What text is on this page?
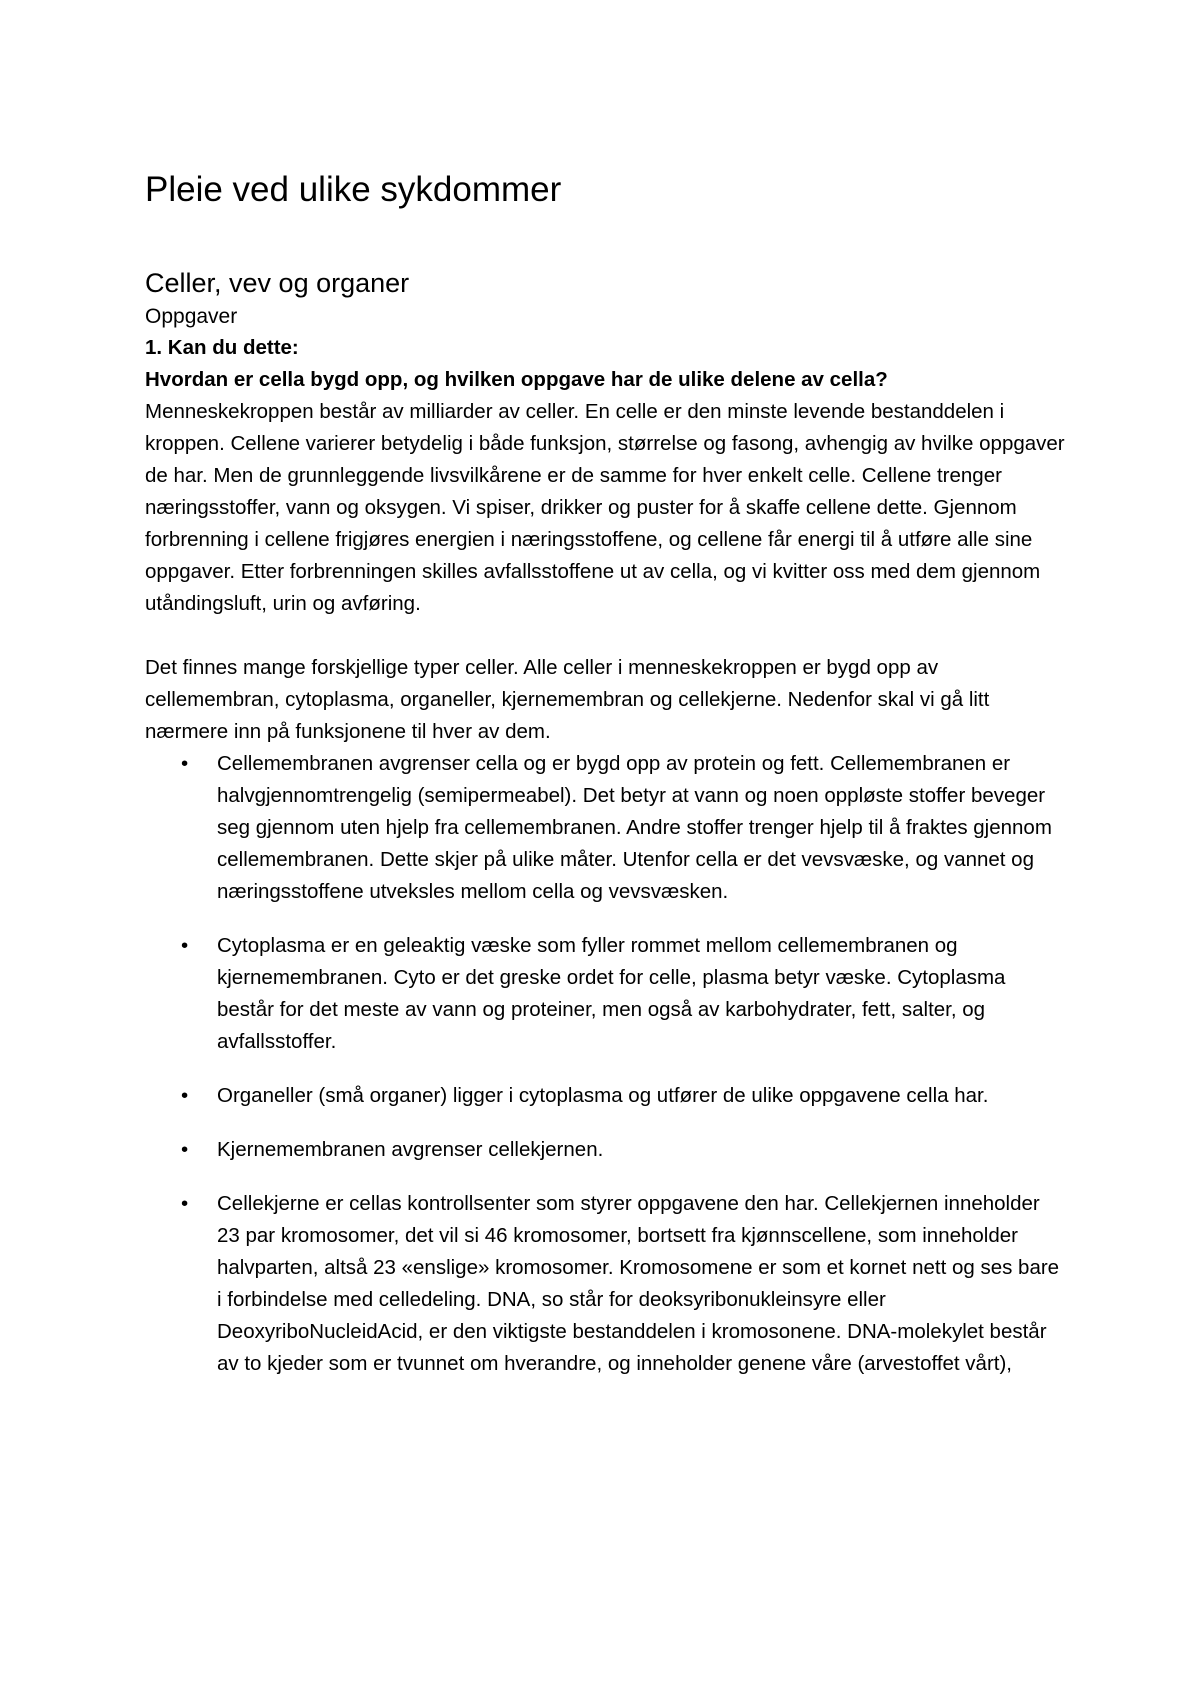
Pleie ved ulike sykdommer
Celler, vev og organer

Oppgaver

1. Kan du dette:

Hvordan er cella bygd opp, og hvilken oppgave har de ulike delene av cella?

Menneskekroppen består av milliarder av celler. En celle er den minste levende bestanddelen i kroppen. Cellene varierer betydelig i både funksjon, størrelse og fasong, avhengig av hvilke oppgaver de har. Men de grunnleggende livsvilkårene er de samme for hver enkelt celle. Cellene trenger næringsstoffer, vann og oksygen. Vi spiser, drikker og puster for å skaffe cellene dette. Gjennom forbrenning i cellene frigjøres energien i næringsstoffene, og cellene får energi til å utføre alle sine oppgaver. Etter forbrenningen skilles avfallsstoffene ut av cella, og vi kvitter oss med dem gjennom utåndingsluft, urin og avføring.

Det finnes mange forskjellige typer celler. Alle celler i menneskekroppen er bygd opp av cellemembran, cytoplasma, organeller, kjernemembran og cellekjerne. Nedenfor skal vi gå litt nærmere inn på funksjonene til hver av dem.

• Cellemembranen avgrenser cella og er bygd opp av protein og fett. Cellemembranen er halvgjennomtrengelig (semipermeabel). Det betyr at vann og noen oppløste stoffer beveger seg gjennom uten hjelp fra cellemembranen. Andre stoffer trenger hjelp til å fraktes gjennom cellemembranen. Dette skjer på ulike måter. Utenfor cella er det vevsvæske, og vannet og næringsstoffene utveksles mellom cella og vevsvæsken.
• Cytoplasma er en geleaktig væske som fyller rommet mellom cellemembranen og kjernemembranen. Cyto er det greske ordet for celle, plasma betyr væske. Cytoplasma består for det meste av vann og proteiner, men også av karbohydrater, fett, salter, og avfallsstoffer.
• Organeller (små organer) ligger i cytoplasma og utfører de ulike oppgavene cella har.
• Kjernemembranen avgrenser cellekjernen.
• Cellekjerne er cellas kontrollsenter som styrer oppgavene den har. Cellekjernen inneholder 23 par kromosomer, det vil si 46 kromosomer, bortsett fra kjønnscellene, som inneholder halvparten, altså 23 «enslige» kromosomer. Kromosomene er som et kornet nett og ses bare i forbindelse med celledeling. DNA, so står for deoksyribonukleinsyre eller DeoxyriboNucleidAcid, er den viktigste bestanddelen i kromosonene. DNA-molekylet består av to kjeder som er tvunnet om hverandre, og inneholder genene våre (arvestoffet vårt),
